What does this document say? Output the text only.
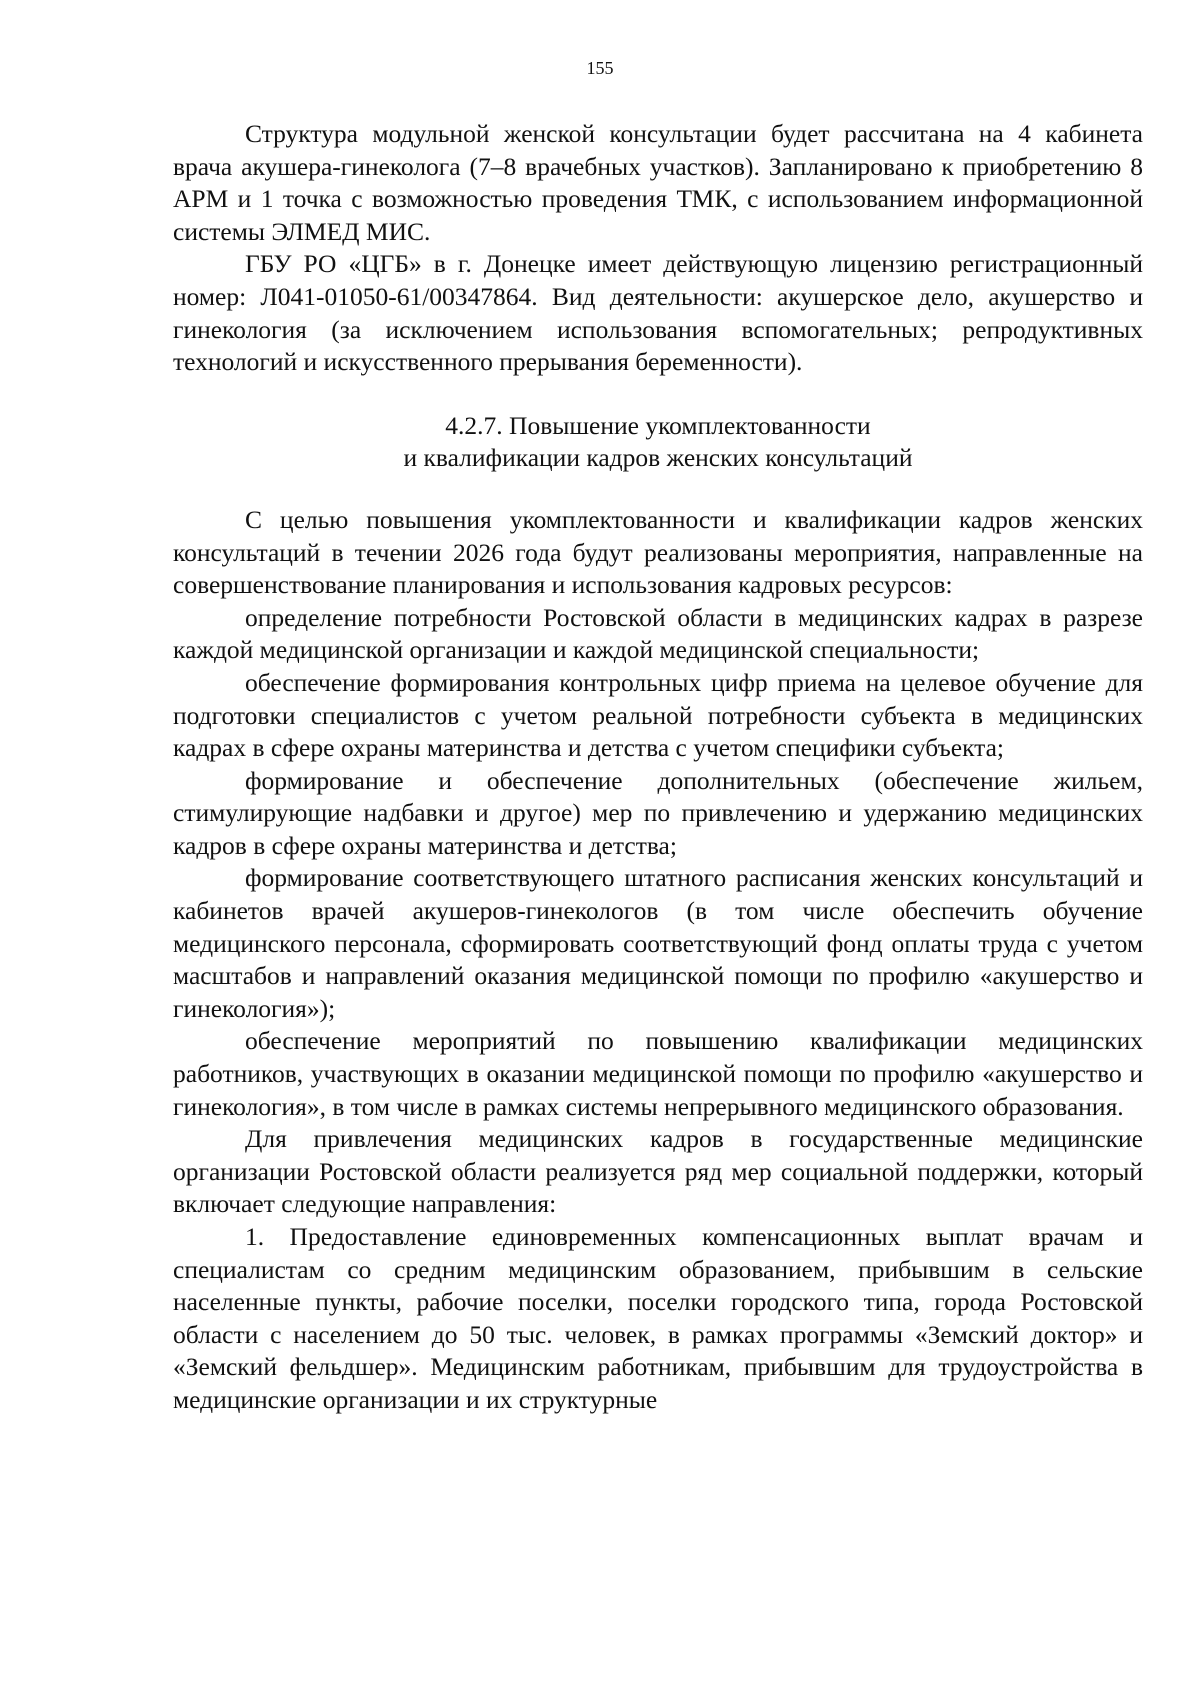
155

Структура модульной женской консультации будет рассчитана на 4 кабинета врача акушера-гинеколога (7–8 врачебных участков). Запланировано к приобретению 8 АРМ и 1 точка с возможностью проведения ТМК, с использованием информационной системы ЭЛМЕД МИС.

ГБУ РО «ЦГБ» в г. Донецке имеет действующую лицензию регистрационный номер: Л041-01050-61/00347864. Вид деятельности: акушерское дело, акушерство и гинекология (за исключением использования вспомогательных; репродуктивных технологий и искусственного прерывания беременности).

4.2.7. Повышение укомплектованности
и квалификации кадров женских консультаций

С целью повышения укомплектованности и квалификации кадров женских консультаций в течении 2026 года будут реализованы мероприятия, направленные на совершенствование планирования и использования кадровых ресурсов:

определение потребности Ростовской области в медицинских кадрах в разрезе каждой медицинской организации и каждой медицинской специальности;

обеспечение формирования контрольных цифр приема на целевое обучение для подготовки специалистов с учетом реальной потребности субъекта в медицинских кадрах в сфере охраны материнства и детства с учетом специфики субъекта;

формирование и обеспечение дополнительных (обеспечение жильем, стимулирующие надбавки и другое) мер по привлечению и удержанию медицинских кадров в сфере охраны материнства и детства;

формирование соответствующего штатного расписания женских консультаций и кабинетов врачей акушеров-гинекологов (в том числе обеспечить обучение медицинского персонала, сформировать соответствующий фонд оплаты труда с учетом масштабов и направлений оказания медицинской помощи по профилю «акушерство и гинекология»);

обеспечение мероприятий по повышению квалификации медицинских работников, участвующих в оказании медицинской помощи по профилю «акушерство и гинекология», в том числе в рамках системы непрерывного медицинского образования.

Для привлечения медицинских кадров в государственные медицинские организации Ростовской области реализуется ряд мер социальной поддержки, который включает следующие направления:

1. Предоставление единовременных компенсационных выплат врачам и специалистам со средним медицинским образованием, прибывшим в сельские населенные пункты, рабочие поселки, поселки городского типа, города Ростовской области с населением до 50 тыс. человек, в рамках программы «Земский доктор» и «Земский фельдшер». Медицинским работникам, прибывшим для трудоустройства в медицинские организации и их структурные
